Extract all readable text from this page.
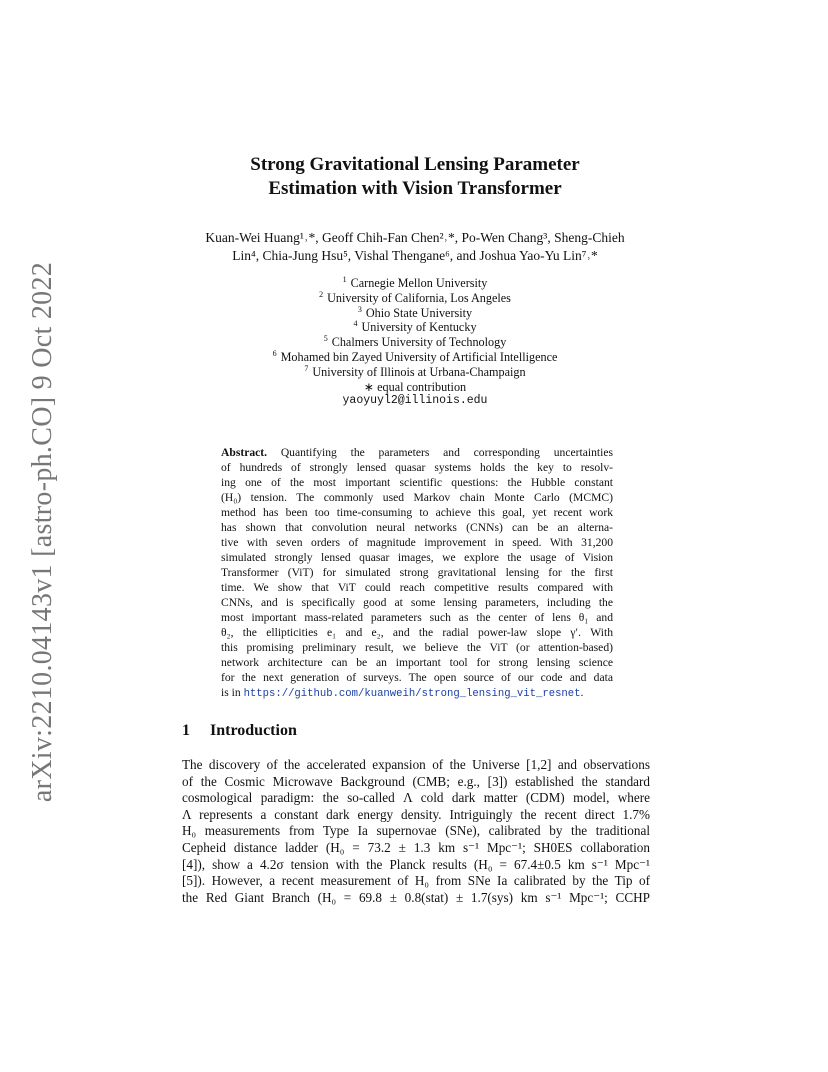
arXiv:2210.04143v1 [astro-ph.CO] 9 Oct 2022
Strong Gravitational Lensing Parameter
Estimation with Vision Transformer
Kuan-Wei Huang¹˒*, Geoff Chih-Fan Chen²˒*, Po-Wen Chang³, Sheng-Chieh
Lin⁴, Chia-Jung Hsu⁵, Vishal Thengane⁶, and Joshua Yao-Yu Lin⁷˒*
$^1$ Carnegie Mellon University
$^2$ University of California, Los Angeles
$^3$ Ohio State University
$^4$ University of Kentucky
$^5$ Chalmers University of Technology
$^6$ Mohamed bin Zayed University of Artificial Intelligence
$^7$ University of Illinois at Urbana-Champaign
∗ equal contribution
yaoyuyl2@illinois.edu
Abstract. Quantifying the parameters and corresponding uncertainties
of hundreds of strongly lensed quasar systems holds the key to resolv-
ing one of the most important scientific questions: the Hubble constant
(H₀) tension. The commonly used Markov chain Monte Carlo (MCMC)
method has been too time-consuming to achieve this goal, yet recent work
has shown that convolution neural networks (CNNs) can be an alterna-
tive with seven orders of magnitude improvement in speed. With 31,200
simulated strongly lensed quasar images, we explore the usage of Vision
Transformer (ViT) for simulated strong gravitational lensing for the first
time. We show that ViT could reach competitive results compared with
CNNs, and is specifically good at some lensing parameters, including the
most important mass-related parameters such as the center of lens θ₁ and
θ₂, the ellipticities e₁ and e₂, and the radial power-law slope γ′. With
this promising preliminary result, we believe the ViT (or attention-based)
network architecture can be an important tool for strong lensing science
for the next generation of surveys. The open source of our code and data
is in https://github.com/kuanweih/strong_lensing_vit_resnet.
1 Introduction
The discovery of the accelerated expansion of the Universe [1,2] and observations
of the Cosmic Microwave Background (CMB; e.g., [3]) established the standard
cosmological paradigm: the so-called Λ cold dark matter (CDM) model, where
Λ represents a constant dark energy density. Intriguingly the recent direct 1.7%
H₀ measurements from Type Ia supernovae (SNe), calibrated by the traditional
Cepheid distance ladder (H₀ = 73.2 ± 1.3 km s⁻¹ Mpc⁻¹; SH0ES collaboration
[4]), show a 4.2σ tension with the Planck results (H₀ = 67.4±0.5 km s⁻¹ Mpc⁻¹
[5]). However, a recent measurement of H₀ from SNe Ia calibrated by the Tip of
the Red Giant Branch (H₀ = 69.8 ± 0.8(stat) ± 1.7(sys) km s⁻¹ Mpc⁻¹; CCHP
